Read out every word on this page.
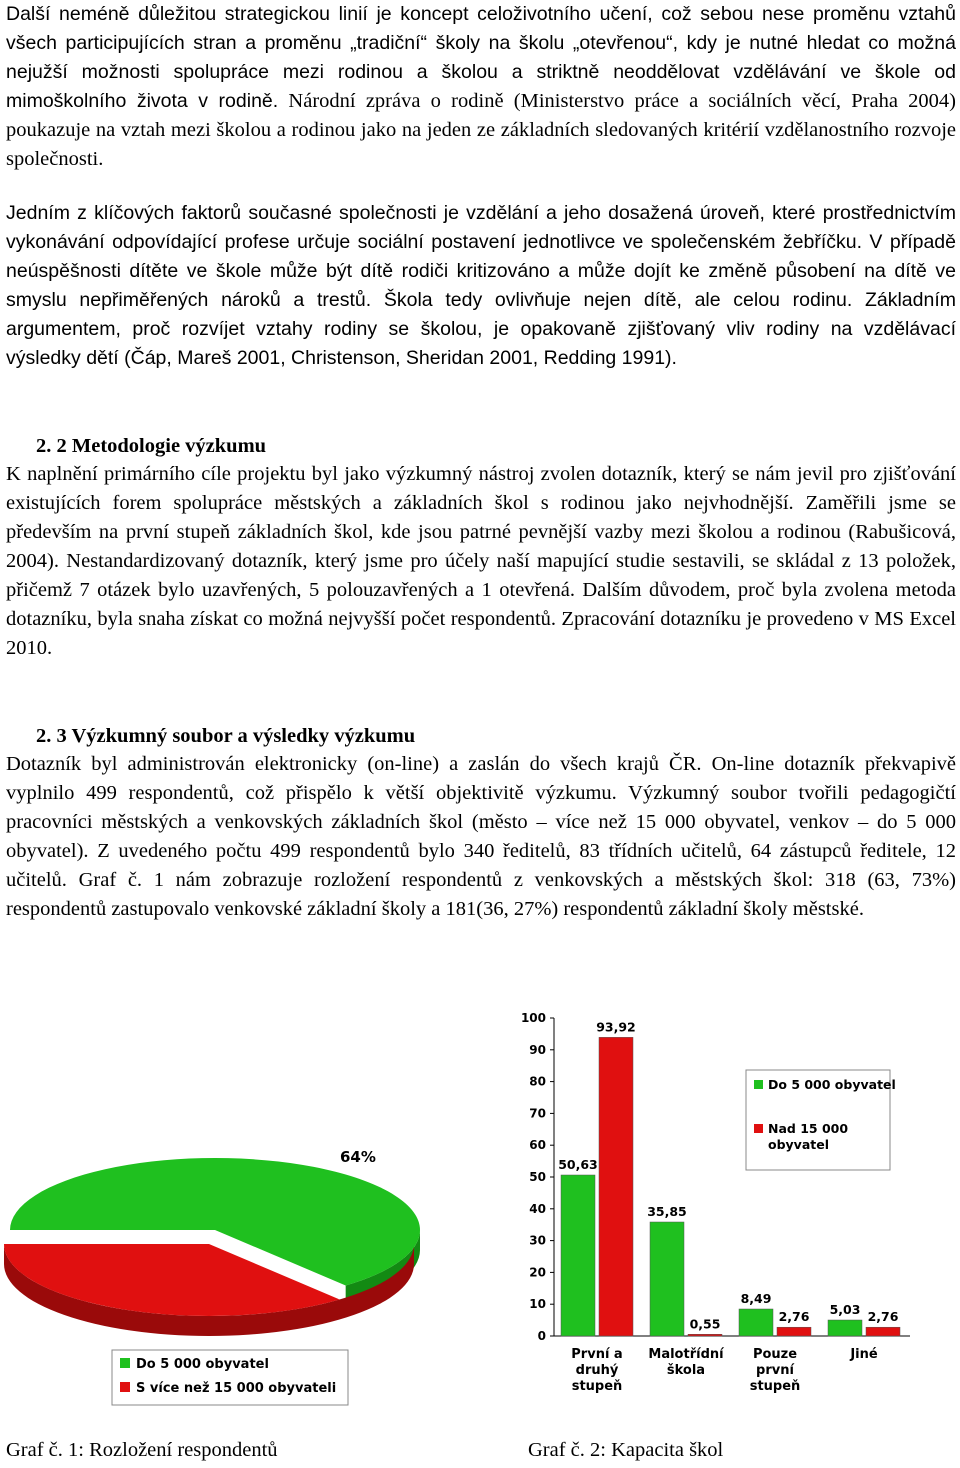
Další neméně důležitou strategickou linií je koncept celoživotního učení, což sebou nese proměnu vztahů všech participujících stran a proměnu „tradiční“ školy na školu „otevřenou“, kdy je nutné hledat co možná nejužší možnosti spolupráce mezi rodinou a školou a striktně neoddělovat vzdělávání ve škole od mimoškolního života v rodině. Národní zpráva o rodině (Ministerstvo práce a sociálních věcí, Praha 2004) poukazuje na vztah mezi školou a rodinou jako na jeden ze základních sledovaných kritérií vzdělanostního rozvoje společnosti.

Jedním z klíčových faktorů současné společnosti je vzdělání a jeho dosažená úroveň, které prostřednictvím vykonávání odpovídající profese určuje sociální postavení jednotlivce ve společenském žebříčku. V případě neúspěšnosti dítěte ve škole může být dítě rodiči kritizováno a může dojít ke změně působení na dítě ve smyslu nepřiměřených nároků a trestů. Škola tedy ovlivňuje nejen dítě, ale celou rodinu. Základním argumentem, proč rozvíjet vztahy rodiny se školou, je opakovaně zjišťovaný vliv rodiny na vzdělávací výsledky dětí (Čáp, Mareš 2001, Christenson, Sheridan 2001, Redding 1991).

2. 2 Metodologie výzkumu

K naplnění primárního cíle projektu byl jako výzkumný nástroj zvolen dotazník, který se nám jevil pro zjišťování existujících forem spolupráce městských a základních škol s rodinou jako nejvhodnější. Zaměřili jsme se především na první stupeň základních škol, kde jsou patrné pevnější vazby mezi školou a rodinou (Rabušicová, 2004). Nestandardizovaný dotazník, který jsme pro účely naší mapující studie sestavili, se skládal z 13 položek, přičemž 7 otázek bylo uzavřených, 5 polouzavřených a 1 otevřená. Dalším důvodem, proč byla zvolena metoda dotazníku, byla snaha získat co možná nejvyšší počet respondentů. Zpracování dotazníku je provedeno v MS Excel 2010.

2. 3 Výzkumný soubor a výsledky výzkumu

Dotazník byl administrován elektronicky (on-line) a zaslán do všech krajů ČR. On-line dotazník překvapivě vyplnilo 499 respondentů, což přispělo k větší objektivitě výzkumu. Výzkumný soubor tvořili pedagogičtí pracovníci městských a venkovských základních škol (město – více než 15 000 obyvatel, venkov – do 5 000 obyvatel). Z uvedeného počtu 499 respondentů bylo 340 ředitelů, 83 třídních učitelů, 64 zástupců ředitele, 12 učitelů. Graf č. 1 nám zobrazuje rozložení respondentů z venkovských a městských škol: 318 (63, 73%) respondentů zastupovalo venkovské základní školy a 181(36, 27%) respondentů základní školy městské.

64%
Do 5 000 obyvatel
S více než 15 000 obyvateli
0
10
20
30
40
50
60
70
80
90
100
50,63
93,92
První a druhý stupeň
35,85
0,55
Malotřídní škola
8,49
2,76
Pouze první stupeň
5,03 2,76
Jiné
Do 5 000 obyvatel
Nad 15 000 obyvatel

Graf č. 1: Rozložení respondentů	Graf č. 2: Kapacita škol
